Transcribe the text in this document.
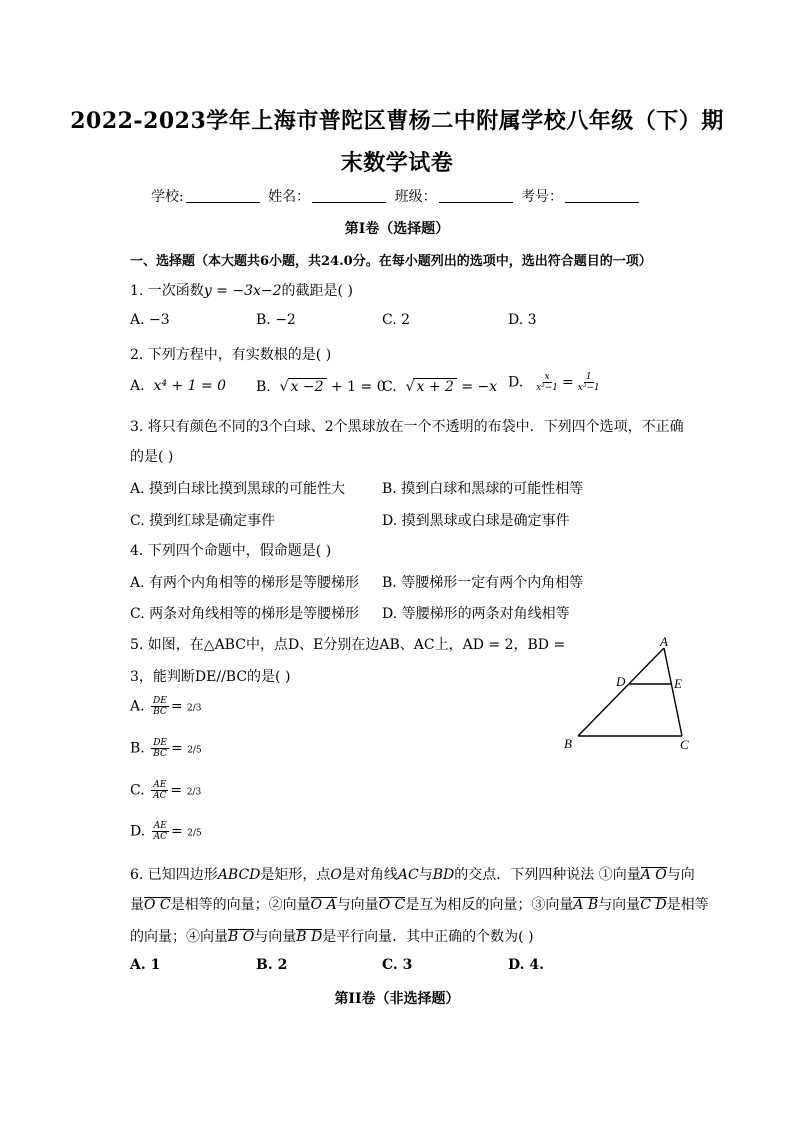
2022-2023学年上海市普陀区曹杨二中附属学校八年级（下）期
末数学试卷
学校:	姓名：	班级：	考号：
第I卷（选择题）
一、选择题（本大题共6小题，共24.0分。在每小题列出的选项中，选出符合题目的一项）
1. 一次函数y = −3x−2的截距是( )
A. −3	B. −2	C. 2	D. 3
2. 下列方程中，有实数根的是( )
A.  x⁴ + 1 = 0 B.  √ x −2 + 1 = 0
C.  √ x + 2 = −x D. $\frac{x}{\text{x²−1}} = \frac{1}{\text{x²−1}}$
3. 将只有颜色不同的3个白球、2个黑球放在一个不透明的布袋中．下列四个选项，不正确
的是( )
A. 摸到白球比摸到黑球的可能性大	B. 摸到白球和黑球的可能性相等
C. 摸到红球是确定事件	D. 摸到黑球或白球是确定事件
4. 下列四个命题中，假命题是( )
A. 有两个内角相等的梯形是等腰梯形 B. 等腰梯形一定有两个内角相等
C. 两条对角线相等的梯形是等腰梯形 D. 等腰梯形的两条对角线相等
5. 如图，在△ABC中，点D、E分别在边AB、AC上，AD = 2，BD =
3，能判断DE//BC的是( )
A. $\frac{DE}{BC} = 2/3$
B. $\frac{DE}{BC} = 2/5$
C. $\frac{AE}{AC} = 2/3$
D. $\frac{AE}{AC} = 2/5$
A
B	C
D	E
6. 已知四边形ABCD是矩形，点O是对角线AC与BD的交点．下列四种说法 ①向量A O与向
量O C是相等的向量；②向量O A与向量O C是互为相反的向量；③向量A B与向量C D是相等
的向量；④向量B O与向量B D是平行向量．其中正确的个数为( )
A. 1	B. 2	C. 3	D. 4.
第II卷（非选择题）
